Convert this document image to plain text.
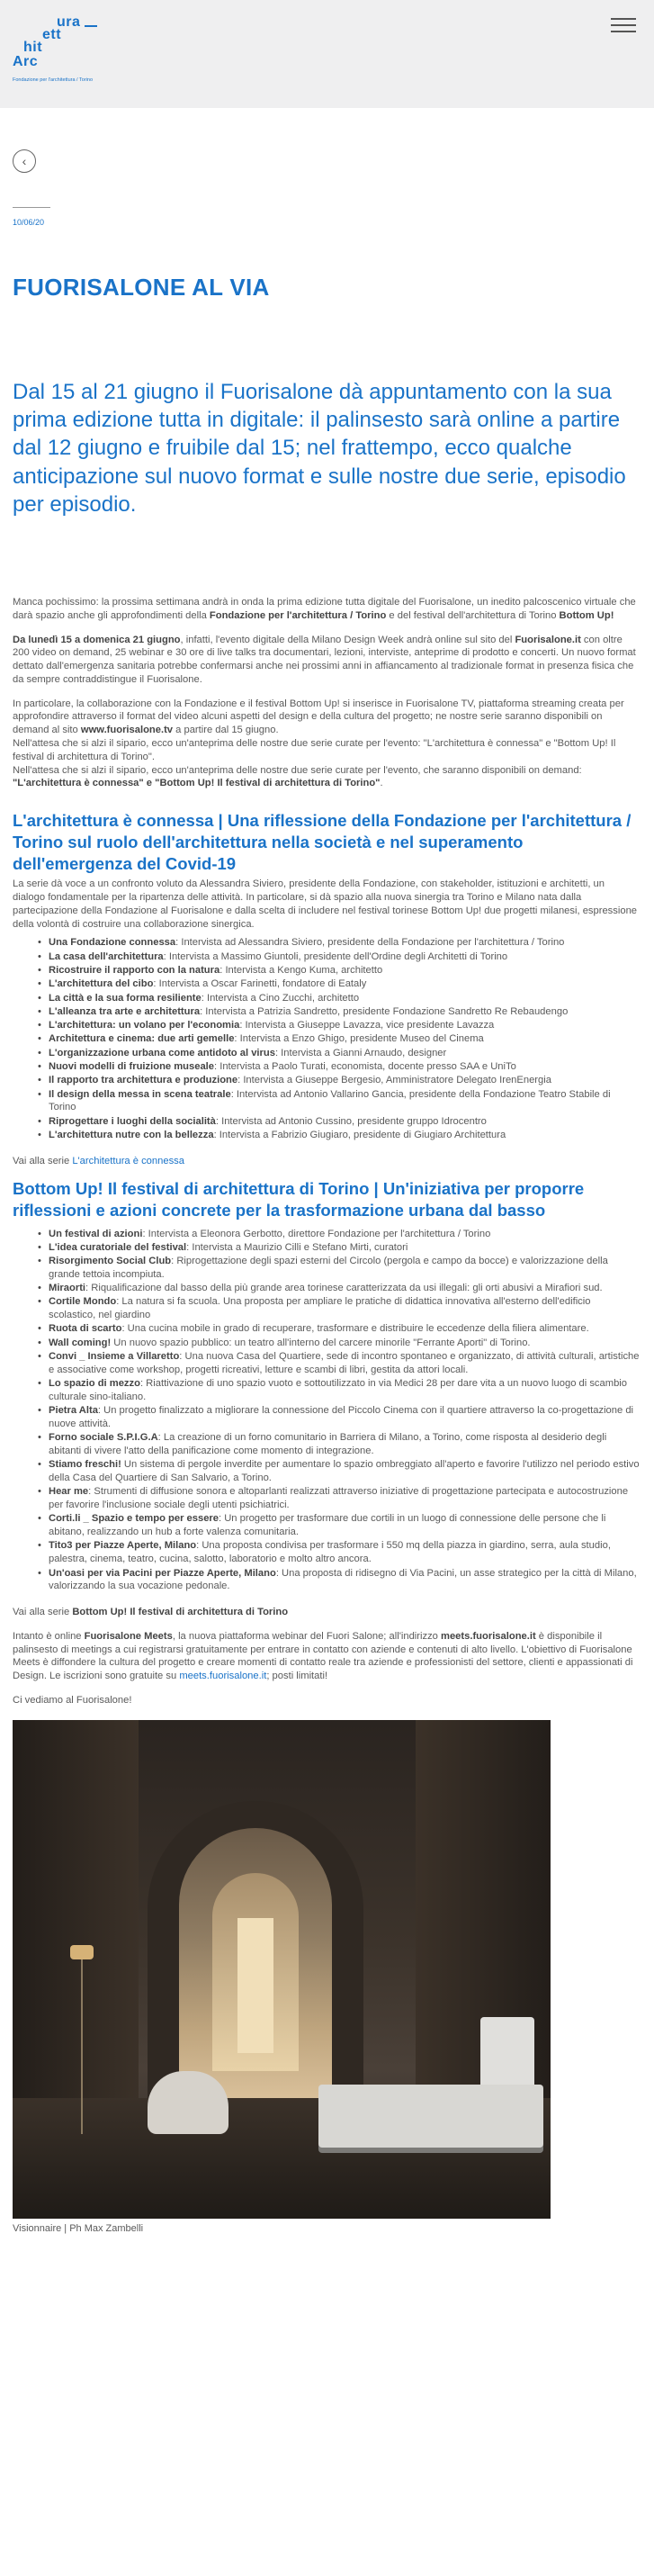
ura
ett
hit
Arc
Fondazione per l'architettura / Torino
‹
10/06/20
FUORISALONE AL VIA

Dal 15 al 21 giugno il Fuorisalone dà appuntamento con la sua prima edizione tutta in digitale: il palinsesto sarà online a partire dal 12 giugno e fruibile dal 15; nel frattempo, ecco qualche anticipazione sul nuovo format e sulle nostre due serie, episodio per episodio.

Manca pochissimo: la prossima settimana andrà in onda la prima edizione tutta digitale del Fuorisalone, un inedito palcoscenico virtuale che darà spazio anche gli approfondimenti della Fondazione per l'architettura / Torino e del festival dell'architettura di Torino Bottom Up!

Da lunedì 15 a domenica 21 giugno, infatti, l'evento digitale della Milano Design Week andrà online sul sito del Fuorisalone.it con oltre 200 video on demand, 25 webinar e 30 ore di live talks tra documentari, lezioni, interviste, anteprime di prodotto e concerti. Un nuovo format dettato dall'emergenza sanitaria potrebbe confermarsi anche nei prossimi anni in affiancamento al tradizionale format in presenza fisica che da sempre contraddistingue il Fuorisalone.

In particolare, la collaborazione con la Fondazione e il festival Bottom Up! si inserisce in Fuorisalone TV, piattaforma streaming creata per approfondire attraverso il format del video alcuni aspetti del design e della cultura del progetto; ne nostre serie saranno disponibili on demand al sito www.fuorisalone.tv a partire dal 15 giugno.
Nell'attesa che si alzi il sipario, ecco un'anteprima delle nostre due serie curate per l'evento: "L'architettura è connessa" e "Bottom Up! Il festival di architettura di Torino".
Nell'attesa che si alzi il sipario, ecco un'anteprima delle nostre due serie curate per l'evento, che saranno disponibili on demand: "L'architettura è connessa" e "Bottom Up! Il festival di architettura di Torino".

L'architettura è connessa | Una riflessione della Fondazione per l'architettura / Torino sul ruolo dell'architettura nella società e nel superamento dell'emergenza del Covid-19

La serie dà voce a un confronto voluto da Alessandra Siviero, presidente della Fondazione, con stakeholder, istituzioni e architetti, un dialogo fondamentale per la ripartenza delle attività. In particolare, si dà spazio alla nuova sinergia tra Torino e Milano nata dalla partecipazione della Fondazione al Fuorisalone e dalla scelta di includere nel festival torinese Bottom Up! due progetti milanesi, espressione della volontà di costruire una collaborazione sinergica.

• Una Fondazione connessa: Intervista ad Alessandra Siviero, presidente della Fondazione per l'architettura / Torino
• La casa dell'architettura: Intervista a Massimo Giuntoli, presidente dell'Ordine degli Architetti di Torino
• Ricostruire il rapporto con la natura: Intervista a Kengo Kuma, architetto
• L'architettura del cibo: Intervista a Oscar Farinetti, fondatore di Eataly
• La città e la sua forma resiliente: Intervista a Cino Zucchi, architetto
• L'alleanza tra arte e architettura: Intervista a Patrizia Sandretto, presidente Fondazione Sandretto Re Rebaudengo
• L'architettura: un volano per l'economia: Intervista a Giuseppe Lavazza, vice presidente Lavazza
• Architettura e cinema: due arti gemelle: Intervista a Enzo Ghigo, presidente Museo del Cinema
• L'organizzazione urbana come antidoto al virus: Intervista a Gianni Arnaudo, designer
• Nuovi modelli di fruizione museale: Intervista a Paolo Turati, economista, docente presso SAA e UniTo
• Il rapporto tra architettura e produzione: Intervista a Giuseppe Bergesio, Amministratore Delegato IrenEnergia
• Il design della messa in scena teatrale: Intervista ad Antonio Vallarino Gancia, presidente della Fondazione Teatro Stabile di Torino
• Riprogettare i luoghi della socialità: Intervista ad Antonio Cussino, presidente gruppo Idrocentro
• L'architettura nutre con la bellezza: Intervista a Fabrizio Giugiaro, presidente di Giugiaro Architettura

Vai alla serie L'architettura è connessa

Bottom Up! Il festival di architettura di Torino | Un'iniziativa per proporre riflessioni e azioni concrete per la trasformazione urbana dal basso
• Un festival di azioni: Intervista a Eleonora Gerbotto, direttore Fondazione per l'architettura / Torino
• L'idea curatoriale del festival: Intervista a Maurizio Cilli e Stefano Mirti, curatori
• Risorgimento Social Club: Riprogettazione degli spazi esterni del Circolo (pergola e campo da bocce) e valorizzazione della grande tettoia incompiuta.
• Miraorti: Riqualificazione dal basso della più grande area torinese caratterizzata da usi illegali: gli orti abusivi a Mirafiori sud.
• Cortile Mondo: La natura si fa scuola. Una proposta per ampliare le pratiche di didattica innovativa all'esterno dell'edificio scolastico, nel giardino
• Ruota di scarto: Una cucina mobile in grado di recuperare, trasformare e distribuire le eccedenze della filiera alimentare.
• Wall coming! Un nuovo spazio pubblico: un teatro all'interno del carcere minorile "Ferrante Aporti" di Torino.
• Convi _ Insieme a Villaretto: Una nuova Casa del Quartiere, sede di incontro spontaneo e organizzato, di attività culturali, artistiche e associative come workshop, progetti ricreativi, letture e scambi di libri, gestita da attori locali.
• Lo spazio di mezzo: Riattivazione di uno spazio vuoto e sottoutilizzato in via Medici 28 per dare vita a un nuovo luogo di scambio culturale sino-italiano.
• Pietra Alta: Un progetto finalizzato a migliorare la connessione del Piccolo Cinema con il quartiere attraverso la co-progettazione di nuove attività.
• Forno sociale S.P.I.G.A: La creazione di un forno comunitario in Barriera di Milano, a Torino, come risposta al desiderio degli abitanti di vivere l'atto della panificazione come momento di integrazione.
• Stiamo freschi! Un sistema di pergole inverdite per aumentare lo spazio ombreggiato all'aperto e favorire l'utilizzo nel periodo estivo della Casa del Quartiere di San Salvario, a Torino.
• Hear me: Strumenti di diffusione sonora e altoparlanti realizzati attraverso iniziative di progettazione partecipata e autocostruzione per favorire l'inclusione sociale degli utenti psichiatrici.
• Corti.li _ Spazio e tempo per essere: Un progetto per trasformare due cortili in un luogo di connessione delle persone che li abitano, realizzando un hub a forte valenza comunitaria.
• Tito3 per Piazze Aperte, Milano: Una proposta condivisa per trasformare i 550 mq della piazza in giardino, serra, aula studio, palestra, cinema, teatro, cucina, salotto, laboratorio e molto altro ancora.
• Un'oasi per via Pacini per Piazze Aperte, Milano: Una proposta di ridisegno di Via Pacini, un asse strategico per la città di Milano, valorizzando la sua vocazione pedonale.

Vai alla serie Bottom Up! Il festival di architettura di Torino

Intanto è online Fuorisalone Meets, la nuova piattaforma webinar del Fuori Salone; all'indirizzo meets.fuorisalone.it è disponibile il palinsesto di meetings a cui registrarsi gratuitamente per entrare in contatto con aziende e contenuti di alto livello. L'obiettivo di Fuorisalone Meets è diffondere la cultura del progetto e creare momenti di contatto reale tra aziende e professionisti del settore, clienti e appassionati di Design. Le iscrizioni sono gratuite su meets.fuorisalone.it; posti limitati!

Ci vediamo al Fuorisalone!

Visionnaire | Ph Max Zambelli
